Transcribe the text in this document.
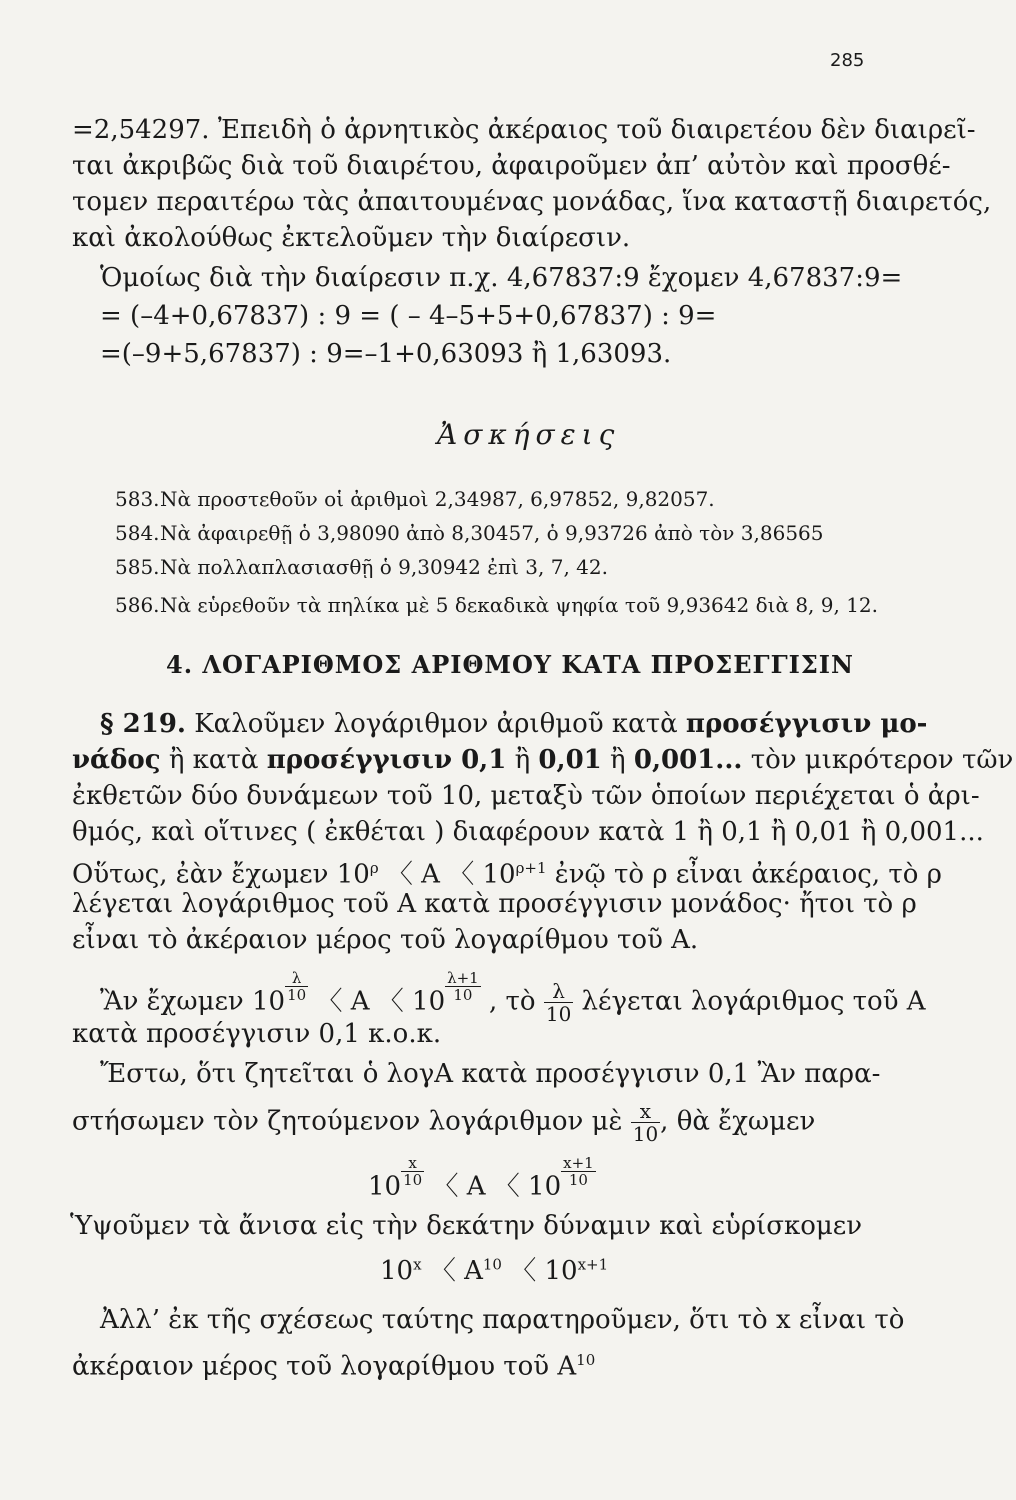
285
=2,54297. Ἐπειδὴ ὁ ἀρνητικὸς ἀκέραιος τοῦ διαιρετέου δὲν διαιρεῖ-
ται ἀκριβῶς διὰ τοῦ διαιρέτου, ἀφαιροῦμεν ἀπ’ αὐτὸν καὶ προσθέ-
τομεν περαιτέρω τὰς ἀπαιτουμένας μονάδας, ἵνα καταστῇ διαιρετός,
καὶ ἀκολούθως ἐκτελοῦμεν τὴν διαίρεσιν.
Ὁμοίως διὰ τὴν διαίρεσιν π.χ. 4,67837:9 ἔχομεν 4,67837:9=
= (–4+0,67837) : 9 = ( – 4–5+5+0,67837) : 9=
=(–9+5,67837) : 9=–1+0,63093 ἢ 1,63093.
Ἀσκήσεις
583.Νὰ προστεθοῦν οἱ ἀριθμοὶ 2,34987, 6,97852, 9,82057.
584.Νὰ ἀφαιρεθῇ ὁ 3,98090 ἀπὸ 8,30457, ὁ 9,93726 ἀπὸ τὸν 3,86565
585.Νὰ πολλαπλασιασθῇ ὁ 9,30942 ἐπὶ 3, 7, 42.
586.Νὰ εὑρεθοῦν τὰ πηλίκα μὲ 5 δεκαδικὰ ψηφία τοῦ 9,93642 διὰ 8, 9, 12.
4. ΛΟΓΑΡΙΘΜΟΣ ΑΡΙΘΜΟΥ ΚΑΤΑ ΠΡΟΣΕΓΓΙΣΙΝ
§ 219. Καλοῦμεν λογάριθμον ἀριθμοῦ κατὰ προσέγγισιν μο-
νάδος ἢ κατὰ προσέγγισιν 0,1 ἢ 0,01 ἢ 0,001... τὸν μικρότερον τῶν
ἐκθετῶν δύο δυνάμεων τοῦ 10, μεταξὺ τῶν ὁποίων περιέχεται ὁ ἀρι-
θμός, καὶ οἵτινες ( ἐκθέται ) διαφέρουν κατὰ 1 ἢ 0,1 ἢ 0,01 ἢ 0,001...
Οὕτως, ἐὰν ἔχωμεν $10^\rho$ 〈 Α 〈 $10^{\rho+1}$ ἐνῷ τὸ ρ εἶναι ἀκέραιος, τὸ ρ
λέγεται λογάριθμος τοῦ Α κατὰ προσέγγισιν μονάδος· ἤτοι τὸ ρ
εἶναι τὸ ἀκέραιον μέρος τοῦ λογαρίθμου τοῦ Α.
Ἂν ἔχωμεν $10 \frac{\lambda}{10}$ 〈 Α 〈 $10 \frac{\lambda+1}{10}$ , τὸ $\frac{\lambda}{10}$ λέγεται λογάριθμος τοῦ Α
κατὰ προσέγγισιν 0,1 κ.ο.κ.
Ἔστω, ὅτι ζητεῖται ὁ λογΑ κατὰ προσέγγισιν 0,1 Ἂν παρα-
στήσωμεν τὸν ζητούμενον λογάριθμον μὲ $\frac{x}{10}$ , θὰ ἔχωμεν
$10 \frac{x}{10}$ 〈 Α 〈 $10 \frac{x+1}{10}$
Ὑψοῦμεν τὰ ἄνισα εἰς τὴν δεκάτην δύναμιν καὶ εὑρίσκομεν
10$^x$ 〈 $A^{10}$ 〈 $10^{x+1}$
Ἀλλ’ ἐκ τῆς σχέσεως ταύτης παρατηροῦμεν, ὅτι τὸ x εἶναι τὸ
ἀκέραιον μέρος τοῦ λογαρίθμου τοῦ $A^{10}$
